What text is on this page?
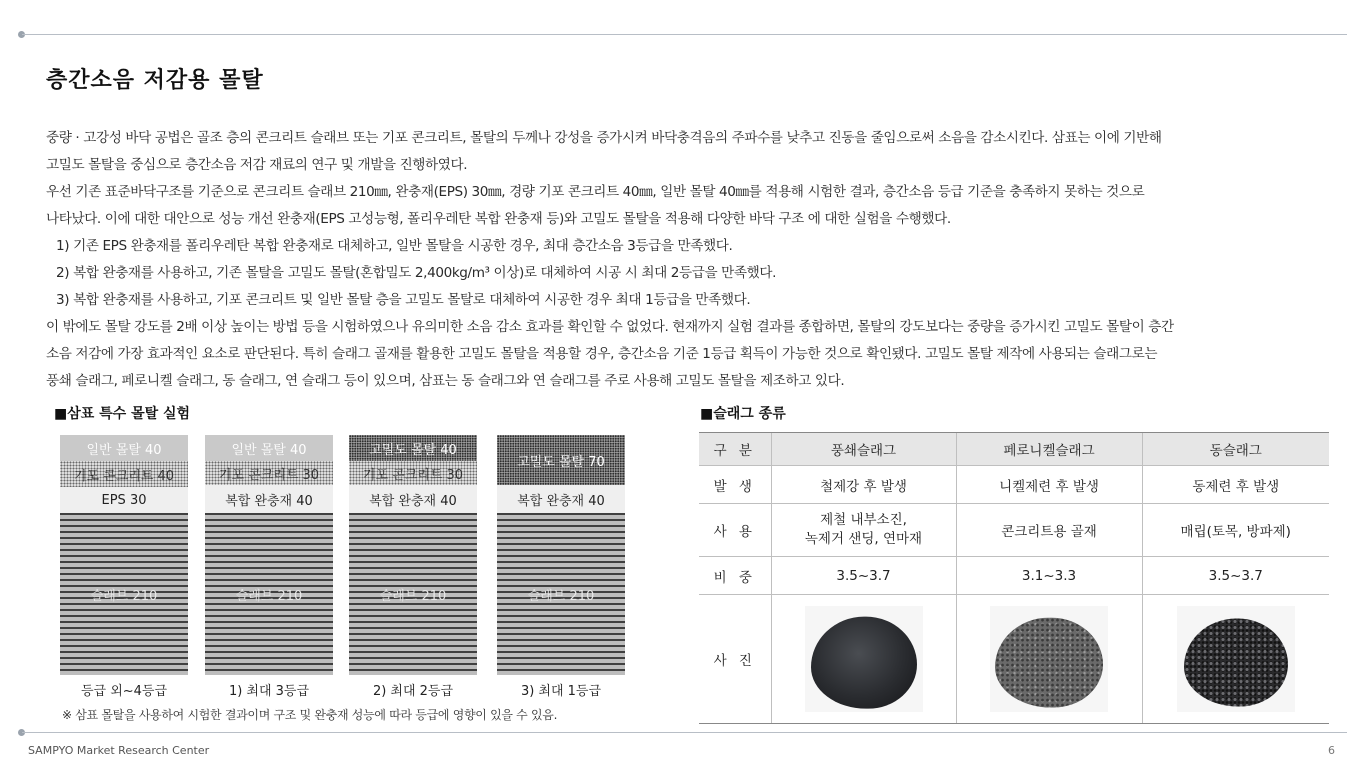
층간소음 저감용 몰탈
중량 · 고강성 바닥 공법은 골조 층의 콘크리트 슬래브 또는 기포 콘크리트, 몰탈의 두께나 강성을 증가시켜 바닥충격음의 주파수를 낮추고 진동을 줄임으로써 소음을 감소시킨다. 삼표는 이에 기반해
고밀도 몰탈을 중심으로 층간소음 저감 재료의 연구 및 개발을 진행하였다.
우선 기존 표준바닥구조를 기준으로 콘크리트 슬래브 210㎜, 완충재(EPS) 30㎜, 경량 기포 콘크리트 40㎜, 일반 몰탈 40㎜를 적용해 시험한 결과, 층간소음 등급 기준을 충족하지 못하는 것으로
나타났다. 이에 대한 대안으로 성능 개선 완충재(EPS 고성능형, 폴리우레탄 복합 완충재 등)와 고밀도 몰탈을 적용해 다양한 바닥 구조 에 대한 실험을 수행했다.
1) 기존 EPS 완충재를 폴리우레탄 복합 완충재로 대체하고, 일반 몰탈을 시공한 경우, 최대 층간소음 3등급을 만족했다.
2) 복합 완충재를 사용하고, 기존 몰탈을 고밀도 몰탈(혼합밀도 2,400kg/m³ 이상)로 대체하여 시공 시 최대 2등급을 만족했다.
3) 복합 완충재를 사용하고, 기포 콘크리트 및 일반 몰탈 층을 고밀도 몰탈로 대체하여 시공한 경우 최대 1등급을 만족했다.
이 밖에도 몰탈 강도를 2배 이상 높이는 방법 등을 시험하였으나 유의미한 소음 감소 효과를 확인할 수 없었다. 현재까지 실험 결과를 종합하면, 몰탈의 강도보다는 중량을 증가시킨 고밀도 몰탈이 층간
소음 저감에 가장 효과적인 요소로 판단된다. 특히 슬래그 골재를 활용한 고밀도 몰탈을 적용할 경우, 층간소음 기준 1등급 획득이 가능한 것으로 확인됐다. 고밀도 몰탈 제작에 사용되는 슬래그로는
풍쇄 슬래그, 페로니켈 슬래그, 동 슬래그, 연 슬래그 등이 있으며, 삼표는 동 슬래그와 연 슬래그를 주로 사용해 고밀도 몰탈을 제조하고 있다.
■삼표 특수 몰탈 실험
일반 몰탈 40
기포 콘크리트 40
EPS 30
슬래브 210
일반 몰탈 40
기포 콘크리트 30
복합 완충재 40
슬래브 210
고밀도 몰탈 40
기포 콘크리트 30
복합 완충재 40
슬래브 210
고밀도 몰탈 70
복합 완충재 40
슬래브 210
등급 외~4등급	1) 최대 3등급	2) 최대 2등급	3) 최대 1등급
※ 삼표 몰탈을 사용하여 시험한 결과이며 구조 및 완충재 성능에 따라 등급에 영향이 있을 수 있음.
■슬래그 종류
구 분	풍쇄슬래그	페로니켈슬래그	동슬래그
발 생	철제강 후 발생	니켈제련 후 발생	동제련 후 발생
사 용	제철 내부소진,
녹제거 샌딩, 연마재	콘크리트용 골재	매립(토목, 방파제)
비 중	3.5~3.7	3.1~3.3	3.5~3.7
사 진	

SAMPYO Market Research Center	6
